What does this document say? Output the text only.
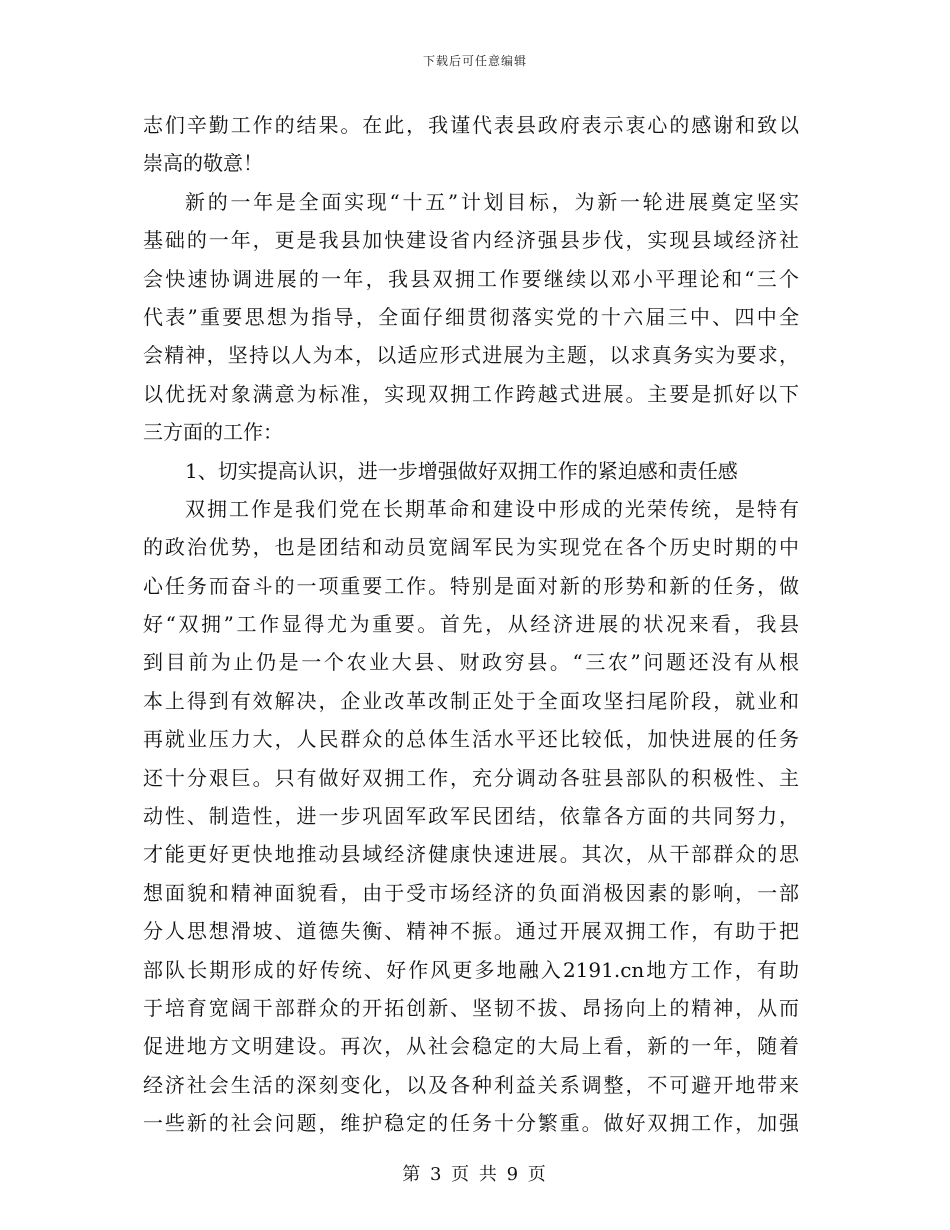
下载后可任意编辑
志们辛勤工作的结果。在此，我谨代表县政府表示衷心的感谢和致以
崇高的敬意！
新的一年是全面实现“十五”计划目标，为新一轮进展奠定坚实
基础的一年，更是我县加快建设省内经济强县步伐，实现县域经济社
会快速协调进展的一年，我县双拥工作要继续以邓小平理论和“三个
代表”重要思想为指导，全面仔细贯彻落实党的十六届三中、四中全
会精神，坚持以人为本，以适应形式进展为主题，以求真务实为要求，
以优抚对象满意为标准，实现双拥工作跨越式进展。主要是抓好以下
三方面的工作：
1、切实提高认识，进一步增强做好双拥工作的紧迫感和责任感
双拥工作是我们党在长期革命和建设中形成的光荣传统，是特有
的政治优势，也是团结和动员宽阔军民为实现党在各个历史时期的中
心任务而奋斗的一项重要工作。特别是面对新的形势和新的任务，做
好“双拥”工作显得尤为重要。首先，从经济进展的状况来看，我县
到目前为止仍是一个农业大县、财政穷县。“三农”问题还没有从根
本上得到有效解决，企业改革改制正处于全面攻坚扫尾阶段，就业和
再就业压力大，人民群众的总体生活水平还比较低，加快进展的任务
还十分艰巨。只有做好双拥工作，充分调动各驻县部队的积极性、主
动性、制造性，进一步巩固军政军民团结，依靠各方面的共同努力，
才能更好更快地推动县域经济健康快速进展。其次，从干部群众的思
想面貌和精神面貌看，由于受市场经济的负面消极因素的影响，一部
分人思想滑坡、道德失衡、精神不振。通过开展双拥工作，有助于把
部队长期形成的好传统、好作风更多地融入2191.cn地方工作，有助
于培育宽阔干部群众的开拓创新、坚韧不拔、昂扬向上的精神，从而
促进地方文明建设。再次，从社会稳定的大局上看，新的一年，随着
经济社会生活的深刻变化，以及各种利益关系调整，不可避开地带来
一些新的社会问题，维护稳定的任务十分繁重。做好双拥工作，加强
第 3 页 共 9 页
